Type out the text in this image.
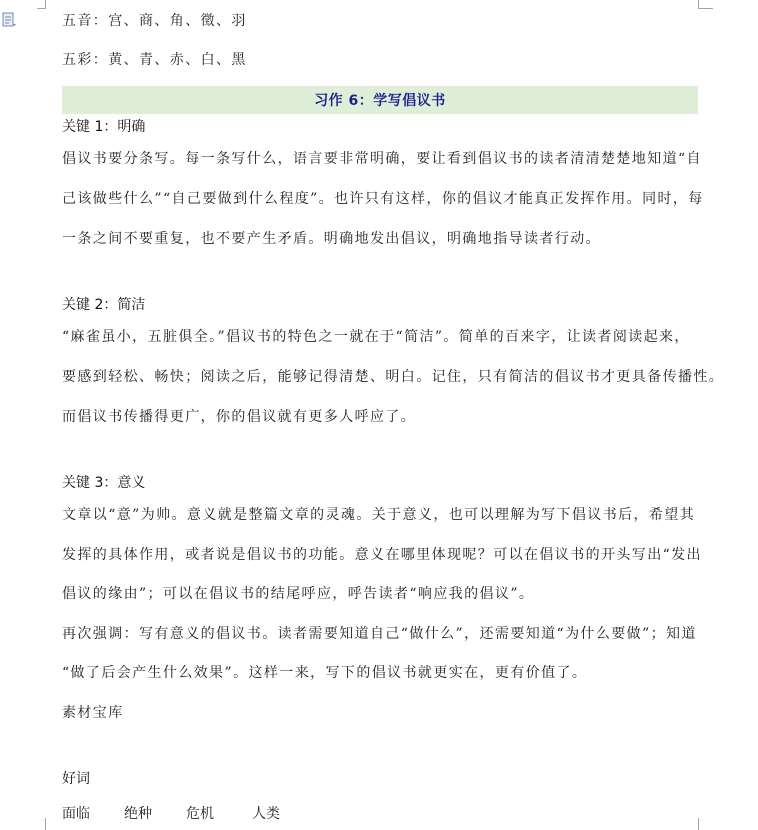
五音：宫、商、角、徵、羽
五彩：黄、青、赤、白、黑
习作 6：学写倡议书
关键 1：明确
倡议书要分条写。每一条写什么，语言要非常明确，要让看到倡议书的读者清清楚楚地知道“自
己该做些什么”“自己要做到什么程度”。也许只有这样，你的倡议才能真正发挥作用。同时，每
一条之间不要重复，也不要产生矛盾。明确地发出倡议，明确地指导读者行动。
关键 2：简洁
“麻雀虽小，五脏俱全。”倡议书的特色之一就在于“简洁”。简单的百来字，让读者阅读起来，
要感到轻松、畅快；阅读之后，能够记得清楚、明白。记住，只有简洁的倡议书才更具备传播性。
而倡议书传播得更广，你的倡议就有更多人呼应了。
关键 3：意义
文章以“意”为帅。意义就是整篇文章的灵魂。关于意义，也可以理解为写下倡议书后，希望其
发挥的具体作用，或者说是倡议书的功能。意义在哪里体现呢？可以在倡议书的开头写出“发出
倡议的缘由”；可以在倡议书的结尾呼应，呼告读者“响应我的倡议”。
再次强调：写有意义的倡议书。读者需要知道自己“做什么”，还需要知道“为什么要做”；知道
“做了后会产生什么效果”。这样一来，写下的倡议书就更实在，更有价值了。
素材宝库
好词
面临 绝种 危机	人类
